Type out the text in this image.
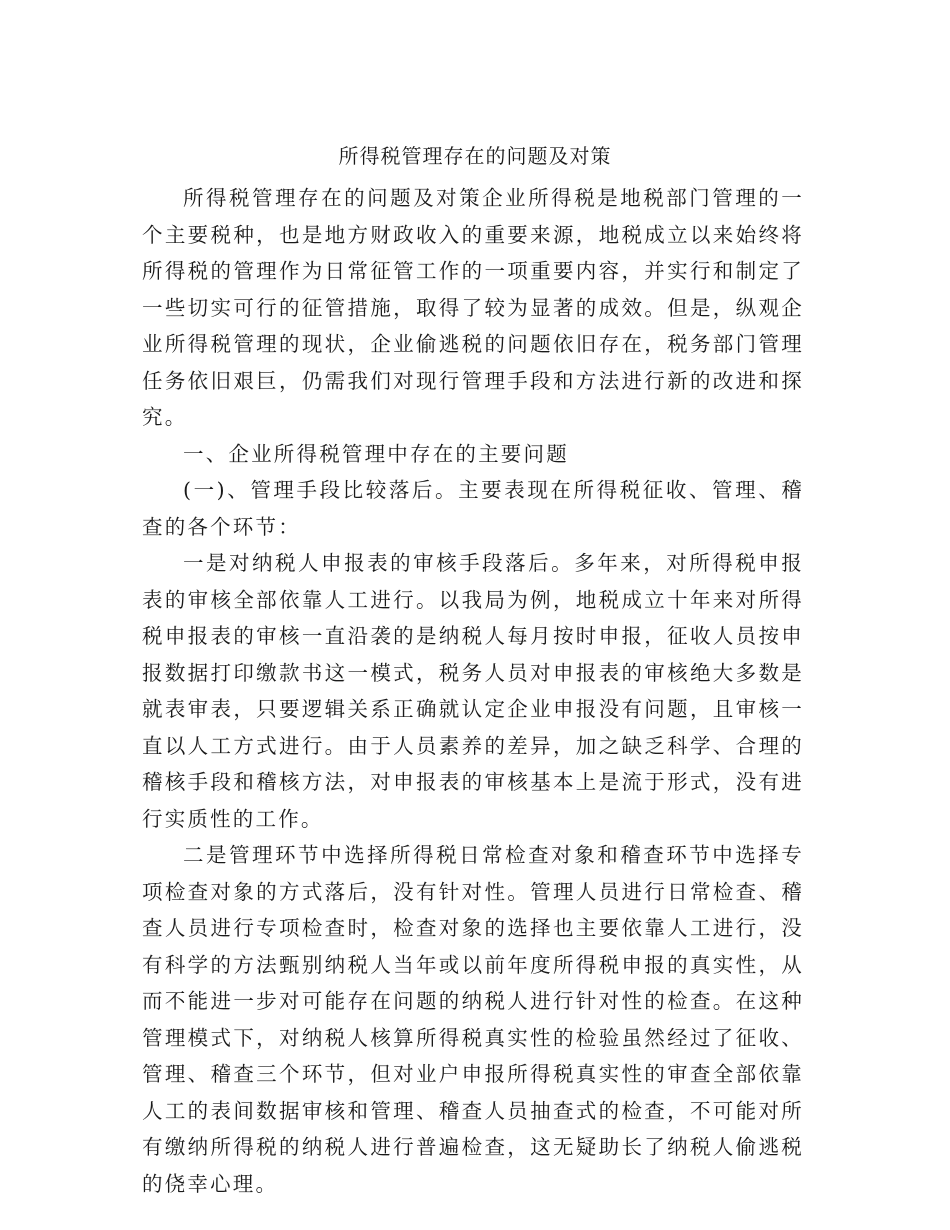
所得税管理存在的问题及对策

所得税管理存在的问题及对策企业所得税是地税部门管理的一个主要税种，也是地方财政收入的重要来源，地税成立以来始终将所得税的管理作为日常征管工作的一项重要内容，并实行和制定了一些切实可行的征管措施，取得了较为显著的成效。但是，纵观企业所得税管理的现状，企业偷逃税的问题依旧存在，税务部门管理任务依旧艰巨，仍需我们对现行管理手段和方法进行新的改进和探究。

一、企业所得税管理中存在的主要问题

(一)、管理手段比较落后。主要表现在所得税征收、管理、稽查的各个环节：

一是对纳税人申报表的审核手段落后。多年来，对所得税申报表的审核全部依靠人工进行。以我局为例，地税成立十年来对所得税申报表的审核一直沿袭的是纳税人每月按时申报，征收人员按申报数据打印缴款书这一模式，税务人员对申报表的审核绝大多数是就表审表，只要逻辑关系正确就认定企业申报没有问题，且审核一直以人工方式进行。由于人员素养的差异，加之缺乏科学、合理的稽核手段和稽核方法，对申报表的审核基本上是流于形式，没有进行实质性的工作。

二是管理环节中选择所得税日常检查对象和稽查环节中选择专项检查对象的方式落后，没有针对性。管理人员进行日常检查、稽查人员进行专项检查时，检查对象的选择也主要依靠人工进行，没有科学的方法甄别纳税人当年或以前年度所得税申报的真实性，从而不能进一步对可能存在问题的纳税人进行针对性的检查。在这种管理模式下，对纳税人核算所得税真实性的检验虽然经过了征收、管理、稽查三个环节，但对业户申报所得税真实性的审查全部依靠人工的表间数据审核和管理、稽查人员抽查式的检查，不可能对所有缴纳所得税的纳税人进行普遍检查，这无疑助长了纳税人偷逃税的侥幸心理。
